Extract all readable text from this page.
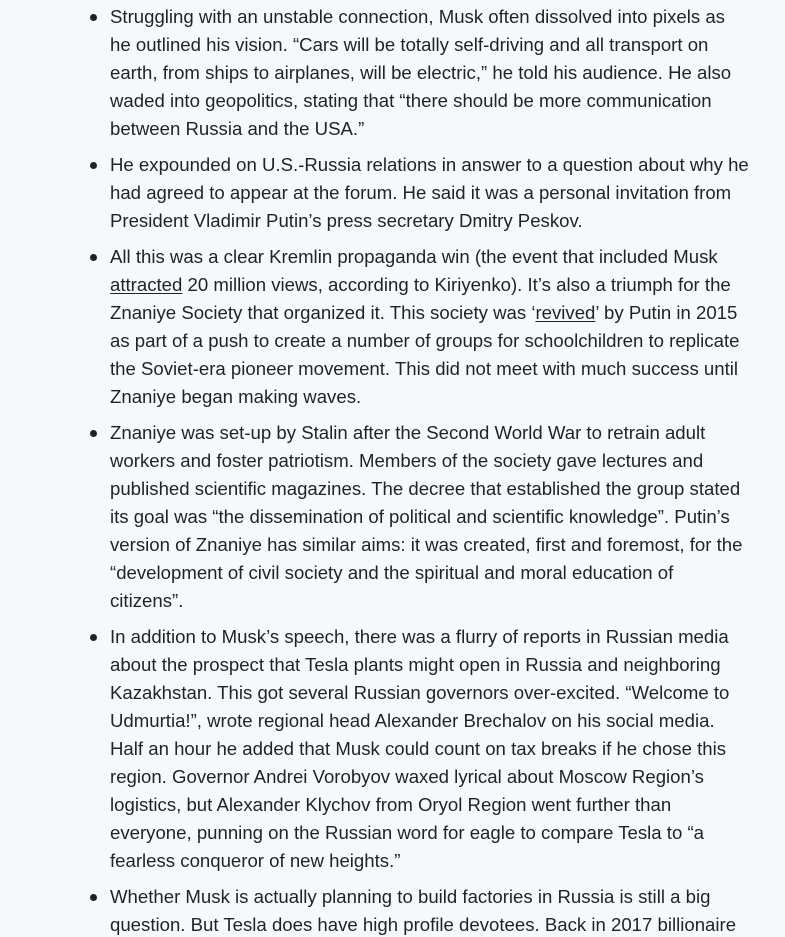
Struggling with an unstable connection, Musk often dissolved into pixels as
he outlined his vision. “Cars will be totally self-driving and all transport on
earth, from ships to airplanes, will be electric,” he told his audience. He also
waded into geopolitics, stating that “there should be more communication
between Russia and the USA.”
He expounded on U.S.-Russia relations in answer to a question about why he
had agreed to appear at the forum. He said it was a personal invitation from
President Vladimir Putin’s press secretary Dmitry Peskov.
All this was a clear Kremlin propaganda win (the event that included Musk
attracted 20 million views, according to Kiriyenko). It’s also a triumph for the
Znaniye Society that organized it. This society was ‘revived’ by Putin in 2015
as part of a push to create a number of groups for schoolchildren to replicate
the Soviet-era pioneer movement. This did not meet with much success until
Znaniye began making waves.
Znaniye was set-up by Stalin after the Second World War to retrain adult
workers and foster patriotism. Members of the society gave lectures and
published scientific magazines. The decree that established the group stated
its goal was “the dissemination of political and scientific knowledge”. Putin’s
version of Znaniye has similar aims: it was created, first and foremost, for the
“development of civil society and the spiritual and moral education of
citizens”.
In addition to Musk’s speech, there was a flurry of reports in Russian media
about the prospect that Tesla plants might open in Russia and neighboring
Kazakhstan. This got several Russian governors over-excited. “Welcome to
Udmurtia!”, wrote regional head Alexander Brechalov on his social media.
Half an hour he added that Musk could count on tax breaks if he chose this
region. Governor Andrei Vorobyov waxed lyrical about Moscow Region’s
logistics, but Alexander Klychov from Oryol Region went further than
everyone, punning on the Russian word for eagle to compare Tesla to “a
fearless conqueror of new heights.”
Whether Musk is actually planning to build factories in Russia is still a big
question. But Tesla does have high profile devotees. Back in 2017 billionaire
